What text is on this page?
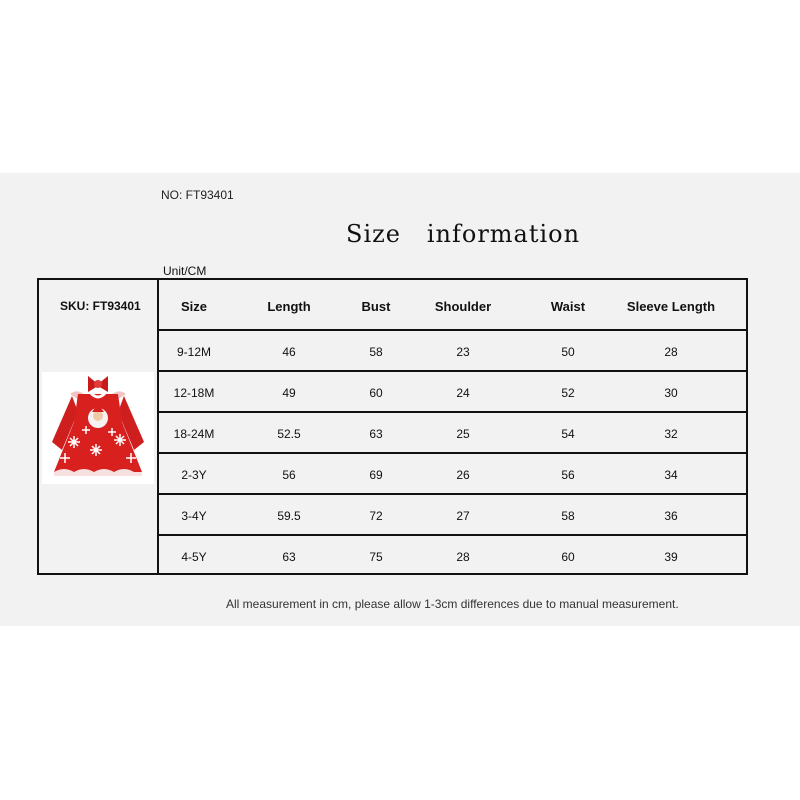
NO: FT93401
Size   information
Unit/CM
SKU: FT93401	Size	Length	Bust	Shoulder	Waist	Sleeve Length
9-12M	46	58	23	50	28
12-18M	49	60	24	52	30
18-24M	52.5	63	25	54	32
2-3Y	56	69	26	56	34
3-4Y	59.5	72	27	58	36
4-5Y	63	75	28	60	39
All measurement in cm, please allow 1-3cm differences due to manual measurement.
